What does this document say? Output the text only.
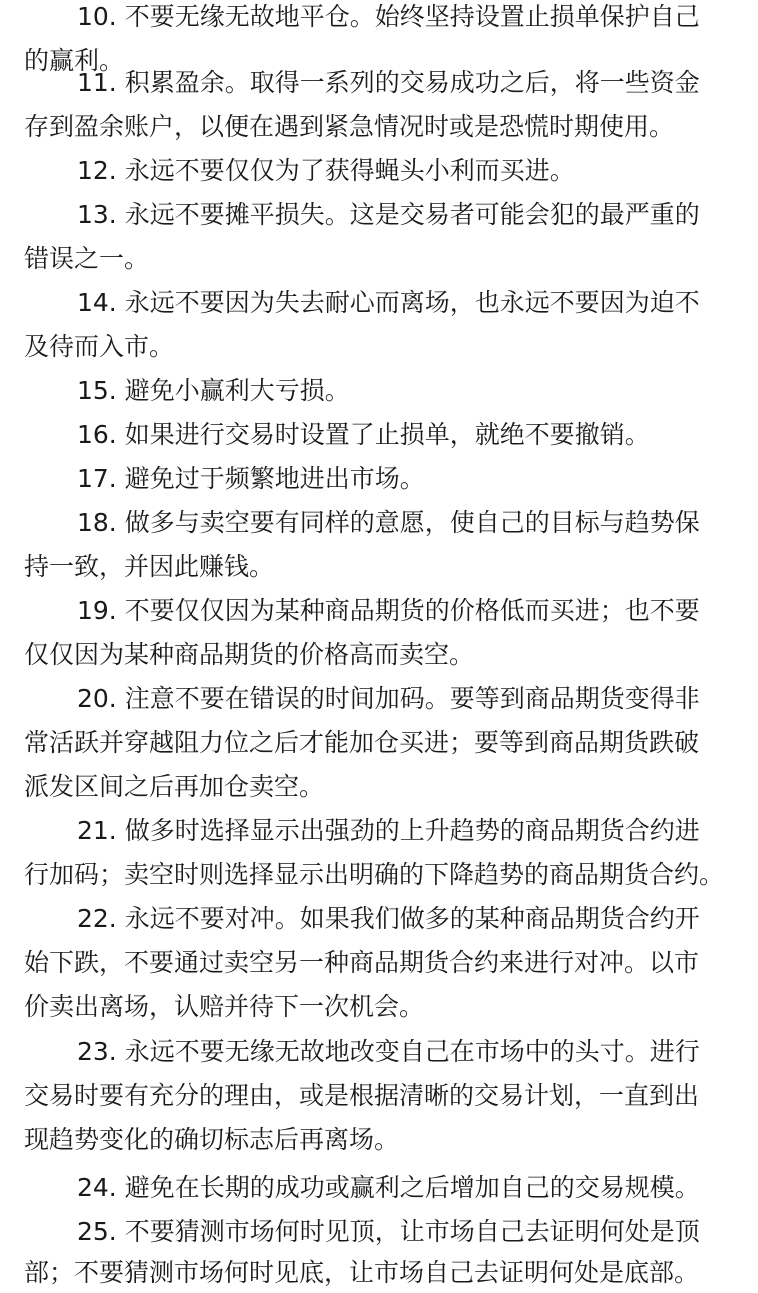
10. 不要无缘无故地平仓。始终坚持设置止损单保护自己
的赢利。
11. 积累盈余。取得一系列的交易成功之后，将一些资金
存到盈余账户，以便在遇到紧急情况时或是恐慌时期使用。
12. 永远不要仅仅为了获得蝇头小利而买进。
13. 永远不要摊平损失。这是交易者可能会犯的最严重的
错误之一。
14. 永远不要因为失去耐心而离场，也永远不要因为迫不
及待而入市。
15. 避免小赢利大亏损。
16. 如果进行交易时设置了止损单，就绝不要撤销。
17. 避免过于频繁地进出市场。
18. 做多与卖空要有同样的意愿，使自己的目标与趋势保
持一致，并因此赚钱。
19. 不要仅仅因为某种商品期货的价格低而买进；也不要
仅仅因为某种商品期货的价格高而卖空。
20. 注意不要在错误的时间加码。要等到商品期货变得非
常活跃并穿越阻力位之后才能加仓买进；要等到商品期货跌破
派发区间之后再加仓卖空。
21. 做多时选择显示出强劲的上升趋势的商品期货合约进
行加码；卖空时则选择显示出明确的下降趋势的商品期货合约。
22. 永远不要对冲。如果我们做多的某种商品期货合约开
始下跌，不要通过卖空另一种商品期货合约来进行对冲。以市
价卖出离场，认赔并待下一次机会。
23. 永远不要无缘无故地改变自己在市场中的头寸。进行
交易时要有充分的理由，或是根据清晰的交易计划，一直到出
现趋势变化的确切标志后再离场。
24. 避免在长期的成功或赢利之后增加自己的交易规模。
25. 不要猜测市场何时见顶，让市场自己去证明何处是顶
部；不要猜测市场何时见底，让市场自己去证明何处是底部。
